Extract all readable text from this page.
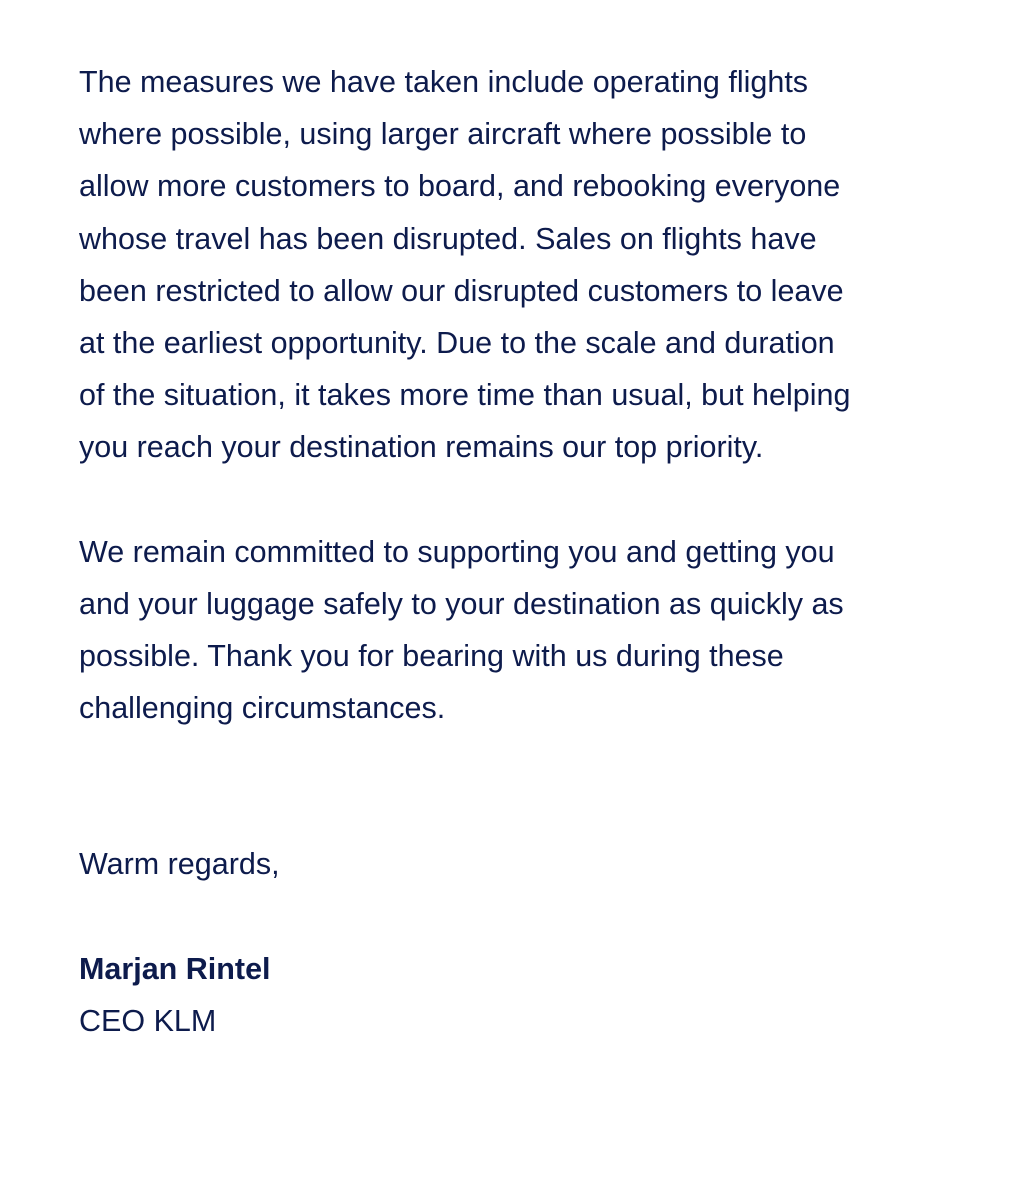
The measures we have taken include operating flights
where possible, using larger aircraft where possible to
allow more customers to board, and rebooking everyone
whose travel has been disrupted. Sales on flights have
been restricted to allow our disrupted customers to leave
at the earliest opportunity. Due to the scale and duration
of the situation, it takes more time than usual, but helping
you reach your destination remains our top priority.
We remain committed to supporting you and getting you
and your luggage safely to your destination as quickly as
possible. Thank you for bearing with us during these
challenging circumstances.
Warm regards,
Marjan Rintel
CEO KLM
